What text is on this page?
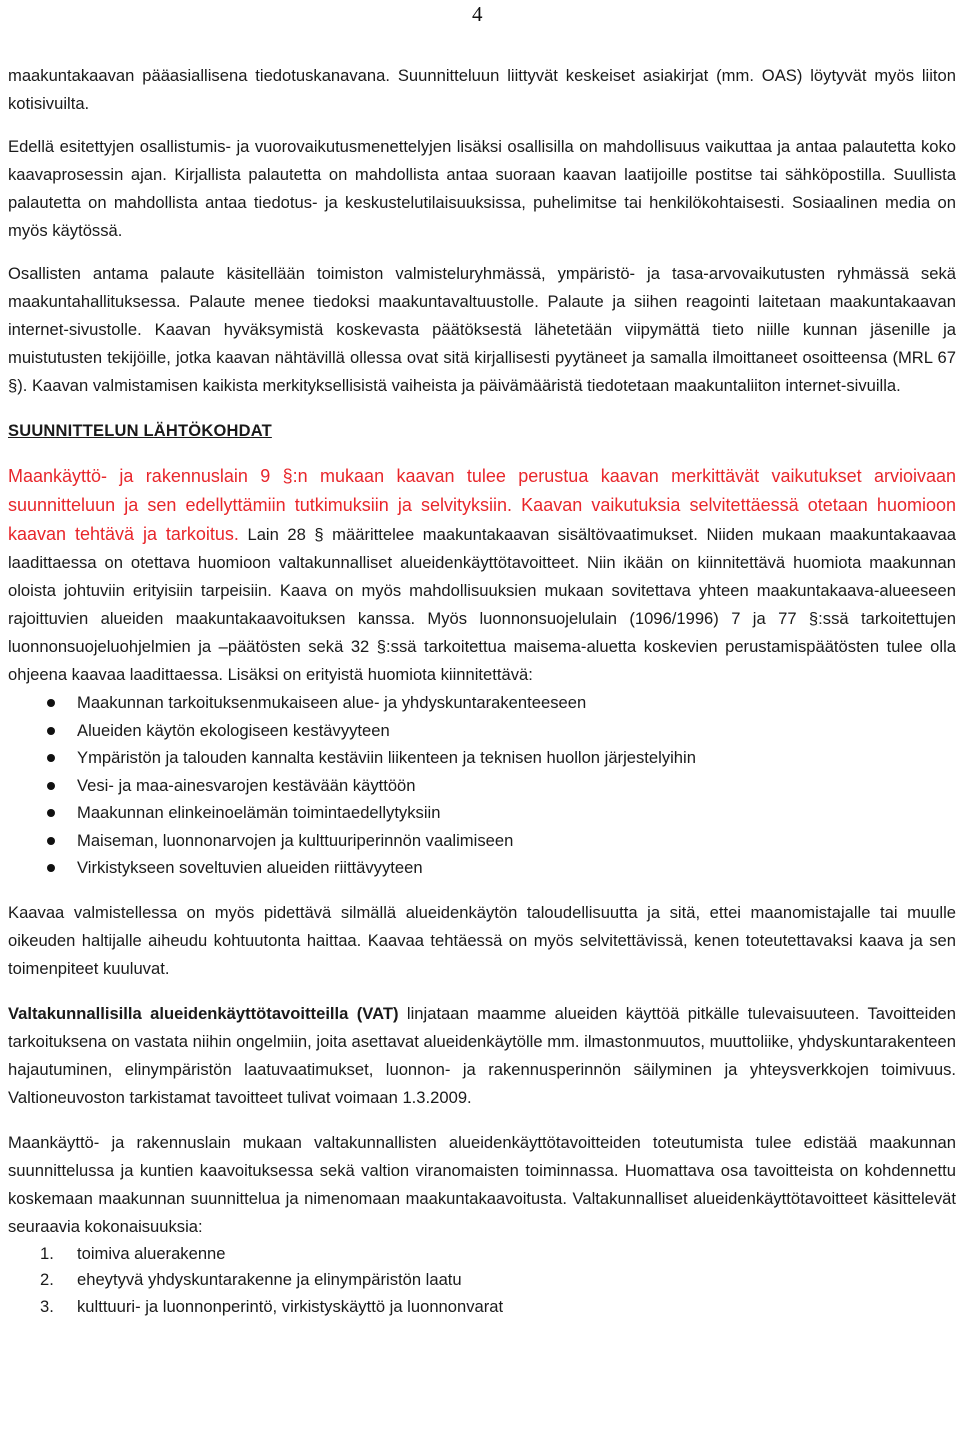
4

maakuntakaavan pääasiallisena tiedotuskanavana. Suunnitteluun liittyvät keskeiset asiakirjat (mm. OAS) löytyvät myös liiton kotisivuilta.

Edellä esitettyjen osallistumis- ja vuorovaikutusmenettelyjen lisäksi osallisilla on mahdollisuus vaikuttaa ja antaa palautetta koko kaavaprosessin ajan. Kirjallista palautetta on mahdollista antaa suoraan kaavan laatijoille postitse tai sähköpostilla. Suullista palautetta on mahdollista antaa tiedotus- ja keskustelutilaisuuksissa, puhelimitse tai henkilökohtaisesti. Sosiaalinen media on myös käytössä.

Osallisten antama palaute käsitellään toimiston valmisteluryhmässä, ympäristö- ja tasa-arvovaikutusten ryhmässä sekä maakuntahallituksessa. Palaute menee tiedoksi maakuntavaltuustolle. Palaute ja siihen reagointi laitetaan maakuntakaavan internet-sivustolle. Kaavan hyväksymistä koskevasta päätöksestä lähetetään viipymättä tieto niille kunnan jäsenille ja muistutusten tekijöille, jotka kaavan nähtävillä ollessa ovat sitä kirjallisesti pyytäneet ja samalla ilmoittaneet osoitteensa (MRL 67 §). Kaavan valmistamisen kaikista merkityksellisistä vaiheista ja päivämääristä tiedotetaan maakuntaliiton internet-sivuilla.

SUUNNITTELUN LÄHTÖKOHDAT

Maankäyttö- ja rakennuslain 9 §:n mukaan kaavan tulee perustua kaavan merkittävät vaikutukset arvioivaan suunnitteluun ja sen edellyttämiin tutkimuksiin ja selvityksiin. Kaavan vaikutuksia selvitettäessä otetaan huomioon kaavan tehtävä ja tarkoitus. Lain 28 § määrittelee maakuntakaavan sisältövaatimukset. Niiden mukaan maakuntakaavaa laadittaessa on otettava huomioon valtakunnalliset alueidenkäyttötavoitteet. Niin ikään on kiinnitettävä huomiota maakunnan oloista johtuviin erityisiin tarpeisiin. Kaava on myös mahdollisuuksien mukaan sovitettava yhteen maakuntakaava-alueeseen rajoittuvien alueiden maakuntakaavoituksen kanssa. Myös luonnonsuojelulain (1096/1996) 7 ja 77 §:ssä tarkoitettujen luonnonsuojeluohjelmien ja –päätösten sekä 32 §:ssä tarkoitettua maisema-aluetta koskevien perustamispäätösten tulee olla ohjeena kaavaa laadittaessa. Lisäksi on erityistä huomiota kiinnitettävä:

Maakunnan tarkoituksenmukaiseen alue- ja yhdyskuntarakenteeseen
Alueiden käytön ekologiseen kestävyyteen
Ympäristön ja talouden kannalta kestäviin liikenteen ja teknisen huollon järjestelyihin
Vesi- ja maa-ainesvarojen kestävään käyttöön
Maakunnan elinkeinoelämän toimintaedellytyksiin
Maiseman, luonnonarvojen ja kulttuuriperinnön vaalimiseen
Virkistykseen soveltuvien alueiden riittävyyteen

Kaavaa valmistellessa on myös pidettävä silmällä alueidenkäytön taloudellisuutta ja sitä, ettei maanomistajalle tai muulle oikeuden haltijalle aiheudu kohtuutonta haittaa. Kaavaa tehtäessä on myös selvitettävissä, kenen toteutettavaksi kaava ja sen toimenpiteet kuuluvat.

Valtakunnallisilla alueidenkäyttötavoitteilla (VAT) linjataan maamme alueiden käyttöä pitkälle tulevaisuuteen. Tavoitteiden tarkoituksena on vastata niihin ongelmiin, joita asettavat alueidenkäytölle mm. ilmastonmuutos, muuttoliike, yhdyskuntarakenteen hajautuminen, elinympäristön laatuvaatimukset, luonnon- ja rakennusperinnön säilyminen ja yhteysverkkojen toimivuus. Valtioneuvoston tarkistamat tavoitteet tulivat voimaan 1.3.2009.

Maankäyttö- ja rakennuslain mukaan valtakunnallisten alueidenkäyttötavoitteiden toteutumista tulee edistää maakunnan suunnittelussa ja kuntien kaavoituksessa sekä valtion viranomaisten toiminnassa. Huomattava osa tavoitteista on kohdennettu koskemaan maakunnan suunnittelua ja nimenomaan maakuntakaavoitusta. Valtakunnalliset alueidenkäyttötavoitteet käsittelevät seuraavia kokonaisuuksia:

1. toimiva aluerakenne
2. eheytyvä yhdyskuntarakenne ja elinympäristön laatu
3. kulttuuri- ja luonnonperintö, virkistyskäyttö ja luonnonvarat
